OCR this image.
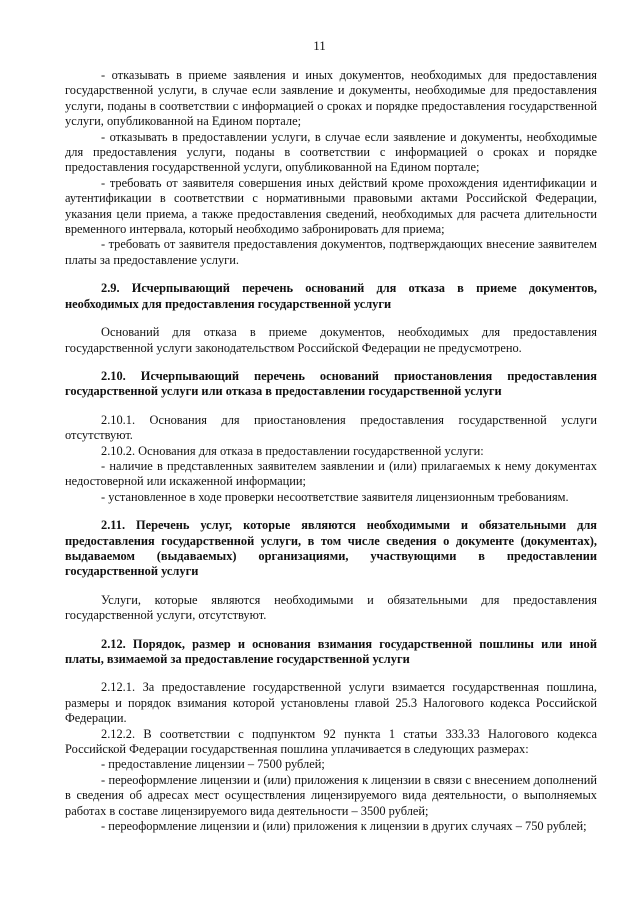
11

- отказывать в приеме заявления и иных документов, необходимых для предоставления государственной услуги, в случае если заявление и документы, необходимые для предоставления услуги, поданы в соответствии с информацией о сроках и порядке предоставления государственной услуги, опубликованной на Едином портале;

- отказывать в предоставлении услуги, в случае если заявление и документы, необходимые для предоставления услуги, поданы в соответствии с информацией о сроках и порядке предоставления государственной услуги, опубликованной на Едином портале;

- требовать от заявителя совершения иных действий кроме прохождения идентификации и аутентификации в соответствии с нормативными правовыми актами Российской Федерации, указания цели приема, а также предоставления сведений, необходимых для расчета длительности временного интервала, который необходимо забронировать для приема;

- требовать от заявителя предоставления документов, подтверждающих внесение заявителем платы за предоставление услуги.

2.9. Исчерпывающий перечень оснований для отказа в приеме документов, необходимых для предоставления государственной услуги

Оснований для отказа в приеме документов, необходимых для предоставления государственной услуги законодательством Российской Федерации не предусмотрено.

2.10. Исчерпывающий перечень оснований приостановления предоставления государственной услуги или отказа в предоставлении государственной услуги

2.10.1. Основания для приостановления предоставления государственной услуги отсутствуют.

2.10.2. Основания для отказа в предоставлении государственной услуги:

- наличие в представленных заявителем заявлении и (или) прилагаемых к нему документах недостоверной или искаженной информации;

- установленное в ходе проверки несоответствие заявителя лицензионным требованиям.

2.11. Перечень услуг, которые являются необходимыми и обязательными для предоставления государственной услуги, в том числе сведения о документе (документах), выдаваемом (выдаваемых) организациями, участвующими в предоставлении государственной услуги

Услуги, которые являются необходимыми и обязательными для предоставления государственной услуги, отсутствуют.

2.12. Порядок, размер и основания взимания государственной пошлины или иной платы, взимаемой за предоставление государственной услуги

2.12.1. За предоставление государственной услуги взимается государственная пошлина, размеры и порядок взимания которой установлены главой 25.3 Налогового кодекса Российской Федерации.

2.12.2. В соответствии с подпунктом 92 пункта 1 статьи 333.33 Налогового кодекса Российской Федерации государственная пошлина уплачивается в следующих размерах:

- предоставление лицензии – 7500 рублей;

- переоформление лицензии и (или) приложения к лицензии в связи с внесением дополнений в сведения об адресах мест осуществления лицензируемого вида деятельности, о выполняемых работах в составе лицензируемого вида деятельности – 3500 рублей;

- переоформление лицензии и (или) приложения к лицензии в других случаях – 750 рублей;
